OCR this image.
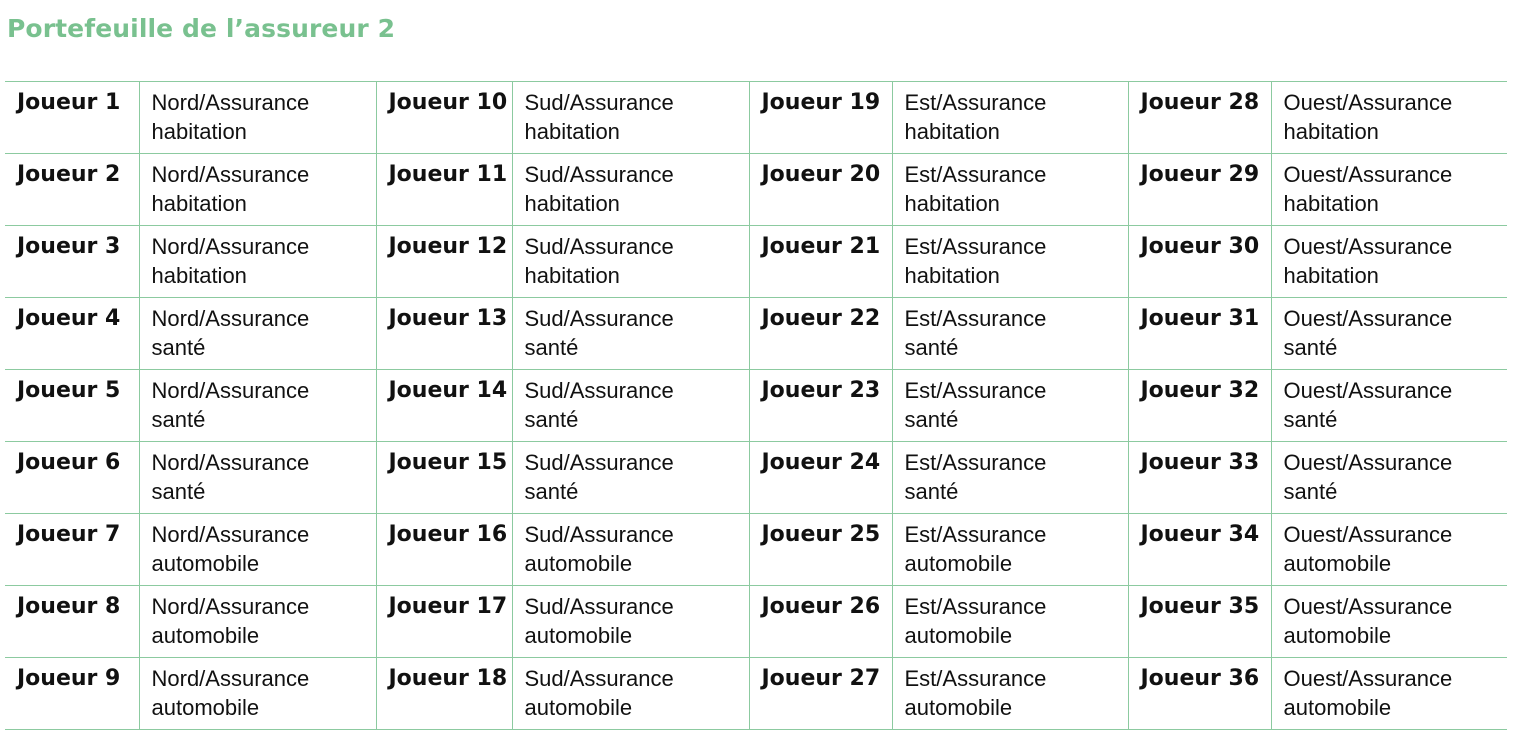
Portefeuille de l’assureur 2
Joueur 1	Nord/Assurance
habitation	Joueur 10	Sud/Assurance
habitation	Joueur 19	Est/Assurance
habitation	Joueur 28	Ouest/Assurance
habitation

Joueur 2	Nord/Assurance
habitation	Joueur 11	Sud/Assurance
habitation	Joueur 20	Est/Assurance
habitation	Joueur 29	Ouest/Assurance
habitation

Joueur 3	Nord/Assurance
habitation	Joueur 12	Sud/Assurance
habitation	Joueur 21	Est/Assurance
habitation	Joueur 30	Ouest/Assurance
habitation

Joueur 4	Nord/Assurance
santé	Joueur 13	Sud/Assurance
santé	Joueur 22	Est/Assurance
santé	Joueur 31	Ouest/Assurance
santé

Joueur 5	Nord/Assurance
santé	Joueur 14	Sud/Assurance
santé	Joueur 23	Est/Assurance
santé	Joueur 32	Ouest/Assurance
santé

Joueur 6	Nord/Assurance
santé	Joueur 15	Sud/Assurance
santé	Joueur 24	Est/Assurance
santé	Joueur 33	Ouest/Assurance
santé

Joueur 7	Nord/Assurance
automobile	Joueur 16	Sud/Assurance
automobile	Joueur 25	Est/Assurance
automobile	Joueur 34	Ouest/Assurance
automobile

Joueur 8	Nord/Assurance
automobile	Joueur 17	Sud/Assurance
automobile	Joueur 26	Est/Assurance
automobile	Joueur 35	Ouest/Assurance
automobile

Joueur 9	Nord/Assurance
automobile	Joueur 18	Sud/Assurance
automobile	Joueur 27	Est/Assurance
automobile	Joueur 36	Ouest/Assurance
automobile
